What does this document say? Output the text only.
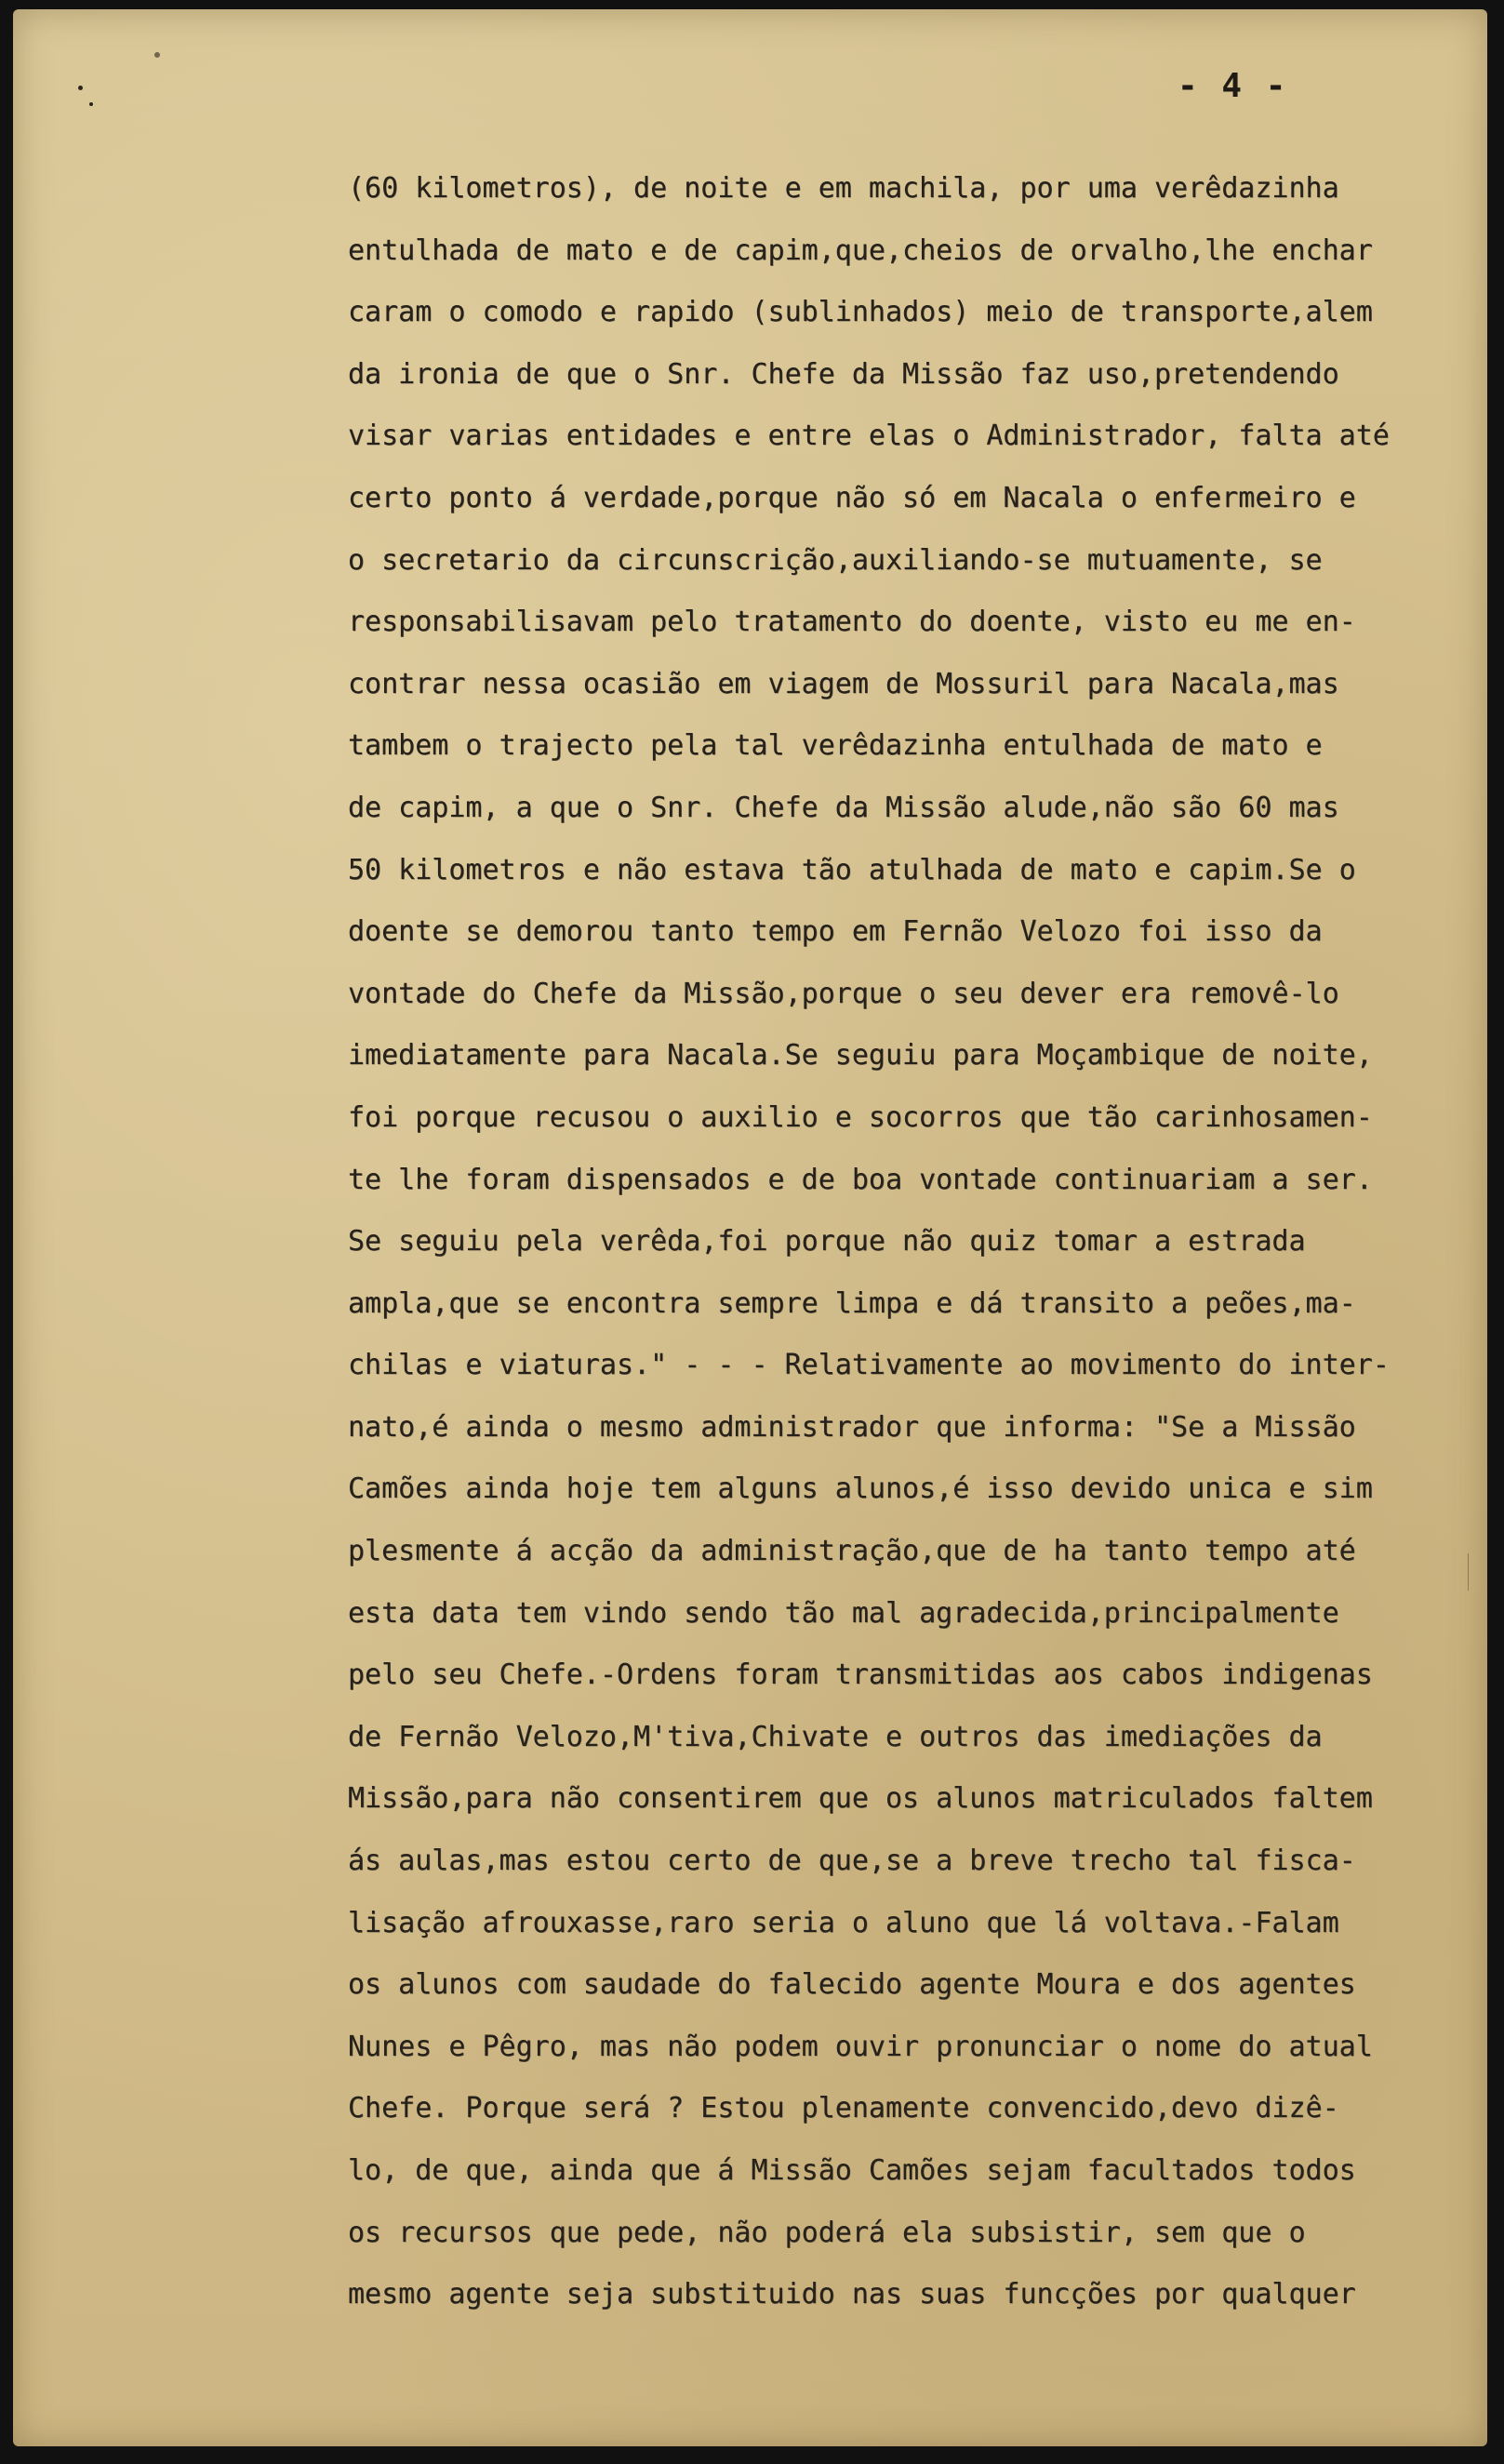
- 4 -
(60 kilometros), de noite e em machila, por uma verêdazinha
entulhada de mato e de capim,que,cheios de orvalho,lhe enchar
caram o comodo e rapido (sublinhados) meio de transporte,alem
da ironia de que o Snr. Chefe da Missão faz uso,pretendendo
visar varias entidades e entre elas o Administrador, falta até
certo ponto á verdade,porque não só em Nacala o enfermeiro e
o secretario da circunscrição,auxiliando-se mutuamente, se
responsabilisavam pelo tratamento do doente, visto eu me en-
contrar nessa ocasião em viagem de Mossuril para Nacala,mas
tambem o trajecto pela tal verêdazinha entulhada de mato e
de capim, a que o Snr. Chefe da Missão alude,não são 60 mas
50 kilometros e não estava tão atulhada de mato e capim.Se o
doente se demorou tanto tempo em Fernão Velozo foi isso da
vontade do Chefe da Missão,porque o seu dever era removê-lo
imediatamente para Nacala.Se seguiu para Moçambique de noite,
foi porque recusou o auxilio e socorros que tão carinhosamen-
te lhe foram dispensados e de boa vontade continuariam a ser.
Se seguiu pela verêda,foi porque não quiz tomar a estrada
ampla,que se encontra sempre limpa e dá transito a peões,ma-
chilas e viaturas." - - - Relativamente ao movimento do inter-
nato,é ainda o mesmo administrador que informa: "Se a Missão
Camões ainda hoje tem alguns alunos,é isso devido unica e sim
plesmente á acção da administração,que de ha tanto tempo até
esta data tem vindo sendo tão mal agradecida,principalmente
pelo seu Chefe.-Ordens foram transmitidas aos cabos indigenas
de Fernão Velozo,M'tiva,Chivate e outros das imediações da
Missão,para não consentirem que os alunos matriculados faltem
ás aulas,mas estou certo de que,se a breve trecho tal fisca-
lisação afrouxasse,raro seria o aluno que lá voltava.-Falam
os alunos com saudade do falecido agente Moura e dos agentes
Nunes e Pêgro, mas não podem ouvir pronunciar o nome do atual
Chefe. Porque será ? Estou plenamente convencido,devo dizê-
lo, de que, ainda que á Missão Camões sejam facultados todos
os recursos que pede, não poderá ela subsistir, sem que o
mesmo agente seja substituido nas suas funcções por qualquer
